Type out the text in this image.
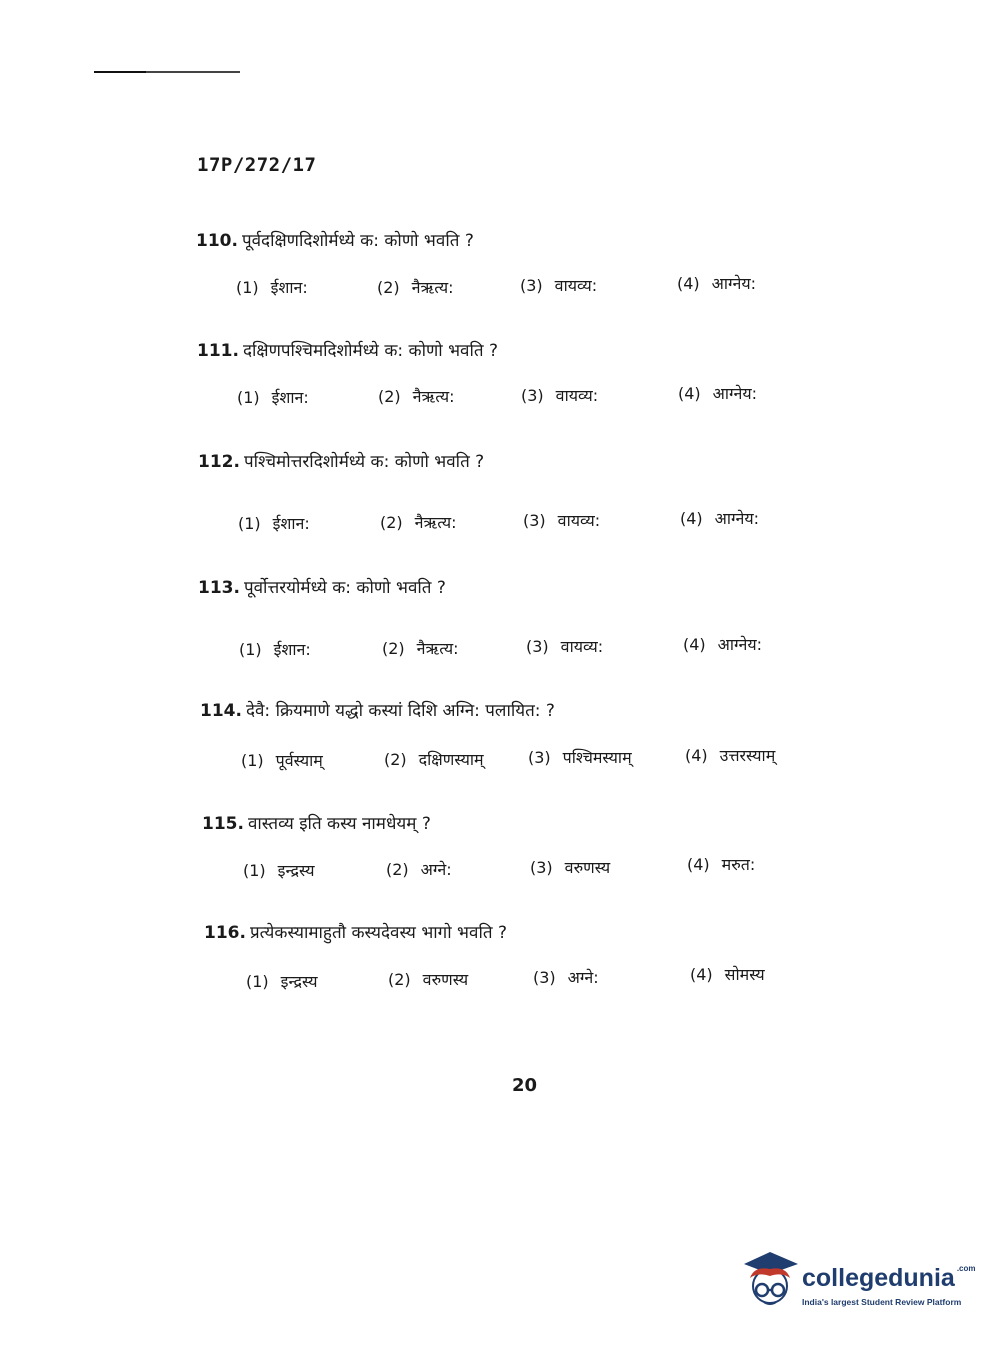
17P/272/17
110. पूर्वदक्षिणदिशोर्मध्ये क: कोणो भवति ?
(1) ईशान:	(2) नैऋत्य:	(3) वायव्य:	(4) आग्नेय:
111. दक्षिणपश्चिमदिशोर्मध्ये क: कोणो भवति ?
(1) ईशान:	(2) नैऋत्य:	(3) वायव्य:	(4) आग्नेय:
112. पश्चिमोत्तरदिशोर्मध्ये क: कोणो भवति ?
(1) ईशान:	(2) नैऋत्य:	(3) वायव्य:	(4) आग्नेय:
113. पूर्वोत्तरयोर्मध्ये क: कोणो भवति ?
(1) ईशान:	(2) नैऋत्य:	(3) वायव्य:	(4) आग्नेय:
114. देवै: क्रियमाणे यद्धो कस्यां दिशि अग्नि: पलायित: ?
(1) पूर्वस्याम्	(2) दक्षिणस्याम्	(3) पश्चिमस्याम्	(4) उत्तरस्याम्
115. वास्तव्य इति कस्य नामधेयम् ?
(1) इन्द्रस्य	(2) अग्ने:	(3) वरुणस्य	(4) मरुत:
116. प्रत्येकस्यामाहुतौ कस्यदेवस्य भागो भवति ?
(1) इन्द्रस्य	(2) वरुणस्य	(3) अग्ने:	(4) सोमस्य
20
collegedunia $^{.com}$
India's largest Student Review Platform
